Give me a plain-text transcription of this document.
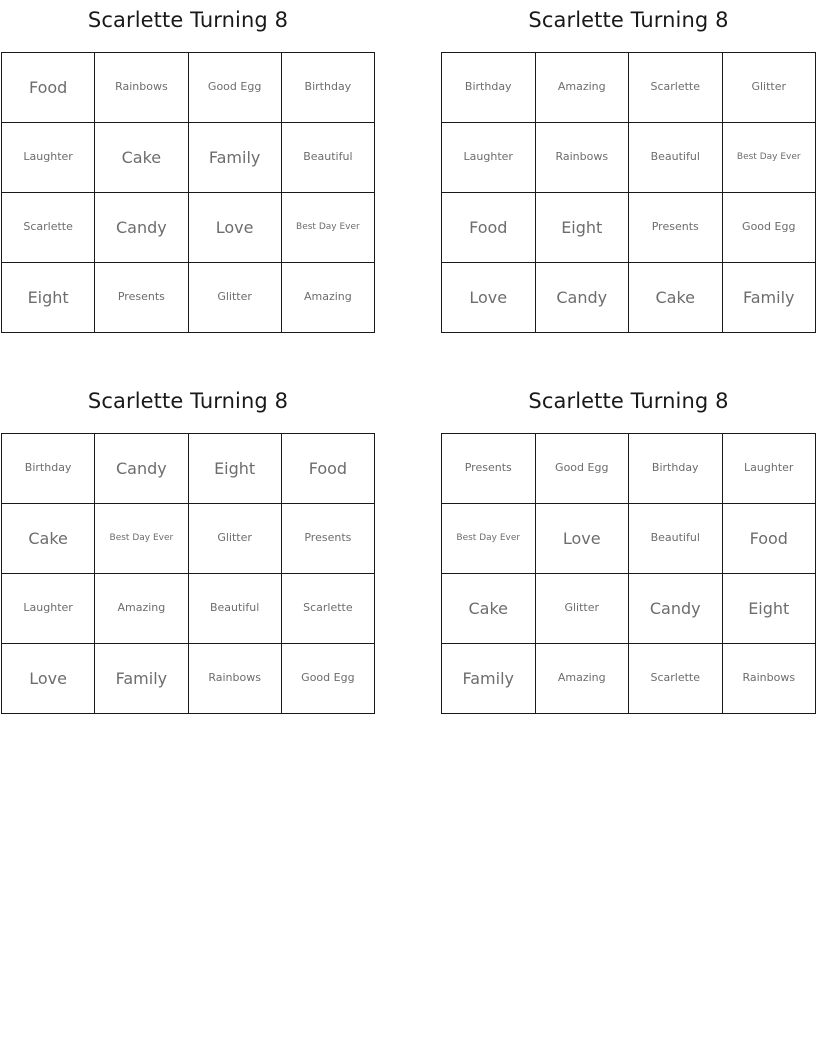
Scarlette Turning 8
Food	Rainbows	Good Egg	Birthday
Laughter	Cake	Family	Beautiful
Scarlette	Candy	Love	Best Day Ever
Eight	Presents	Glitter	Amazing
Scarlette Turning 8
Birthday	Amazing	Scarlette	Glitter
Laughter	Rainbows	Beautiful	Best Day Ever
Food	Eight	Presents	Good Egg
Love	Candy	Cake	Family
Scarlette Turning 8
Birthday	Candy	Eight	Food
Cake	Best Day Ever	Glitter	Presents
Laughter	Amazing	Beautiful	Scarlette
Love	Family	Rainbows	Good Egg
Scarlette Turning 8
Presents	Good Egg	Birthday	Laughter
Best Day Ever	Love	Beautiful	Food
Cake	Glitter	Candy	Eight
Family	Amazing	Scarlette	Rainbows
